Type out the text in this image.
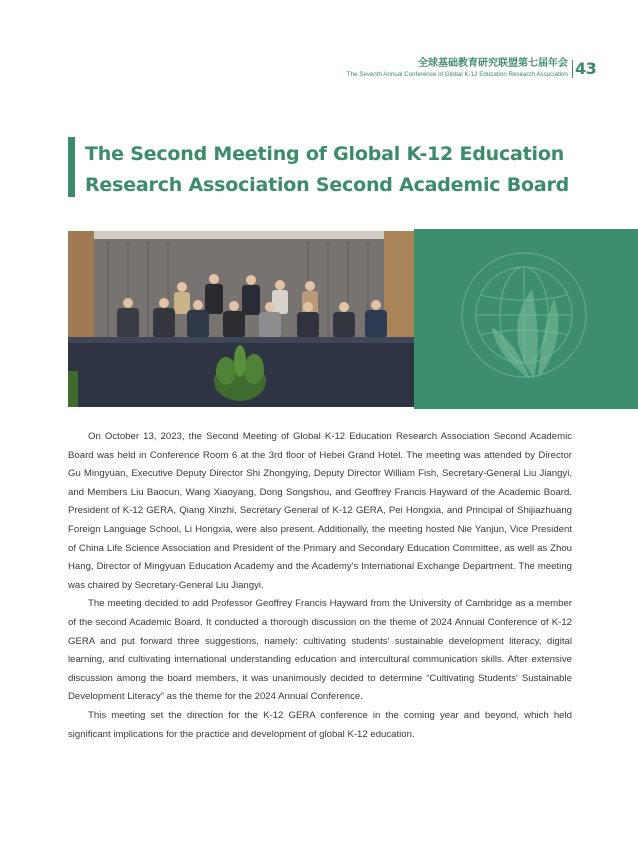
全球基础教育研究联盟第七届年会
The Seventh Annual Conference of Global K-12 Education Research Association 43
The Second Meeting of Global K-12 Education
Research Association Second Academic Board

On October 13, 2023, the Second Meeting of Global K-12 Education Research Association Second Academic Board was held in Conference Room 6 at the 3rd floor of Hebei Grand Hotel. The meeting was attended by Director Gu Mingyuan, Executive Deputy Director Shi Zhongying, Deputy Director William Fish, Secretary-General Liu Jiangyi, and Members Liu Baocun, Wang Xiaoyang, Dong Songshou, and Geoffrey Francis Hayward of the Academic Board. President of K-12 GERA, Qiang Xinzhi, Secretary General of K-12 GERA, Pei Hongxia, and Principal of Shijiazhuang Foreign Language School, Li Hongxia, were also present. Additionally, the meeting hosted Nie Yanjun, Vice President of China Life Science Association and President of the Primary and Secondary Education Committee, as well as Zhou Hang, Director of Mingyuan Education Academy and the Academy's International Exchange Department. The meeting was chaired by Secretary-General Liu Jiangyi.

The meeting decided to add Professor Geoffrey Francis Hayward from the University of Cambridge as a member of the second Academic Board. It conducted a thorough discussion on the theme of 2024 Annual Conference of K-12 GERA and put forward three suggestions, namely: cultivating students' sustainable development literacy, digital learning, and cultivating international understanding education and intercultural communication skills. After extensive discussion among the board members, it was unanimously decided to determine “Cultivating Students' Sustainable Development Literacy” as the theme for the 2024 Annual Conference.

This meeting set the direction for the K-12 GERA conference in the coming year and beyond, which held significant implications for the practice and development of global K-12 education.
